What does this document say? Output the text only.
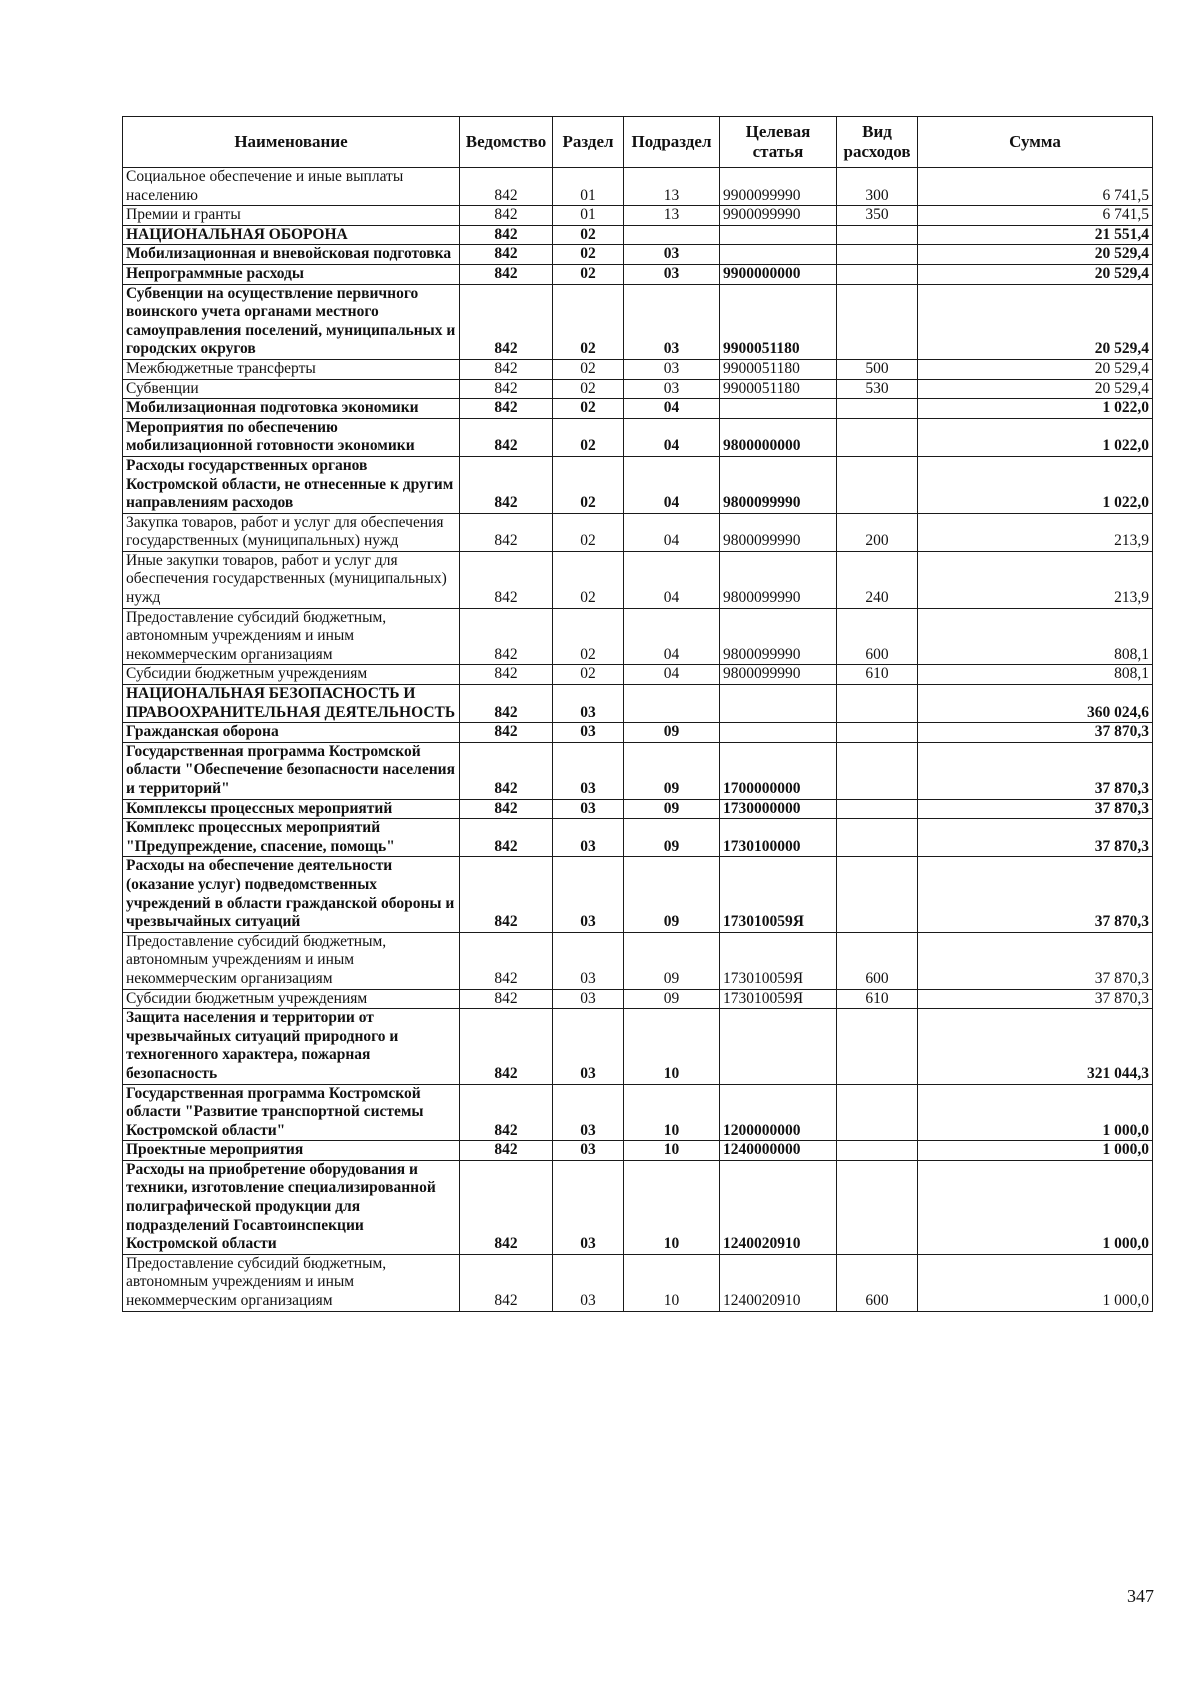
Наименование	Ведомство	Раздел	Подраздел	Целевая статья	Вид расходов	Сумма
Социальное обеспечение и иные выплаты населению	842	01	13	9900099990	300	6 741,5
Премии и гранты	842	01	13	9900099990	350	6 741,5
НАЦИОНАЛЬНАЯ ОБОРОНА	842	02				21 551,4
Мобилизационная и вневойсковая подготовка	842	02	03			20 529,4
Непрограммные расходы	842	02	03	9900000000		20 529,4
Субвенции на осуществление первичного воинского учета органами местного самоуправления поселений, муниципальных и городских округов	842	02	03	9900051180		20 529,4
Межбюджетные трансферты	842	02	03	9900051180	500	20 529,4
Субвенции	842	02	03	9900051180	530	20 529,4
Мобилизационная подготовка экономики	842	02	04			1 022,0
Мероприятия по обеспечению мобилизационной готовности экономики	842	02	04	9800000000		1 022,0
Расходы государственных органов Костромской области, не отнесенные к другим направлениям расходов	842	02	04	9800099990		1 022,0
Закупка товаров, работ и услуг для обеспечения государственных (муниципальных) нужд	842	02	04	9800099990	200	213,9
Иные закупки товаров, работ и услуг для обеспечения государственных (муниципальных) нужд	842	02	04	9800099990	240	213,9
Предоставление субсидий бюджетным, автономным учреждениям и иным некоммерческим организациям	842	02	04	9800099990	600	808,1
Субсидии бюджетным учреждениям	842	02	04	9800099990	610	808,1
НАЦИОНАЛЬНАЯ БЕЗОПАСНОСТЬ И ПРАВООХРАНИТЕЛЬНАЯ ДЕЯТЕЛЬНОСТЬ	842	03				360 024,6
Гражданская оборона	842	03	09			37 870,3
Государственная программа Костромской области "Обеспечение безопасности населения и территорий"	842	03	09	1700000000		37 870,3
Комплексы процессных мероприятий	842	03	09	1730000000		37 870,3
Комплекс процессных мероприятий "Предупреждение, спасение, помощь"	842	03	09	1730100000		37 870,3
Расходы на обеспечение деятельности (оказание услуг) подведомственных учреждений в области гражданской обороны и чрезвычайных ситуаций	842	03	09	173010059Я		37 870,3
Предоставление субсидий бюджетным, автономным учреждениям и иным некоммерческим организациям	842	03	09	173010059Я	600	37 870,3
Субсидии бюджетным учреждениям	842	03	09	173010059Я	610	37 870,3
Защита населения и территории от чрезвычайных ситуаций природного и техногенного характера, пожарная безопасность	842	03	10			321 044,3
Государственная программа Костромской области "Развитие транспортной системы Костромской области"	842	03	10	1200000000		1 000,0
Проектные мероприятия	842	03	10	1240000000		1 000,0
Расходы на приобретение оборудования и техники, изготовление специализированной полиграфической продукции для подразделений Госавтоинспекции Костромской области	842	03	10	1240020910		1 000,0
Предоставление субсидий бюджетным, автономным учреждениям и иным некоммерческим организациям	842	03	10	1240020910	600	1 000,0
347
